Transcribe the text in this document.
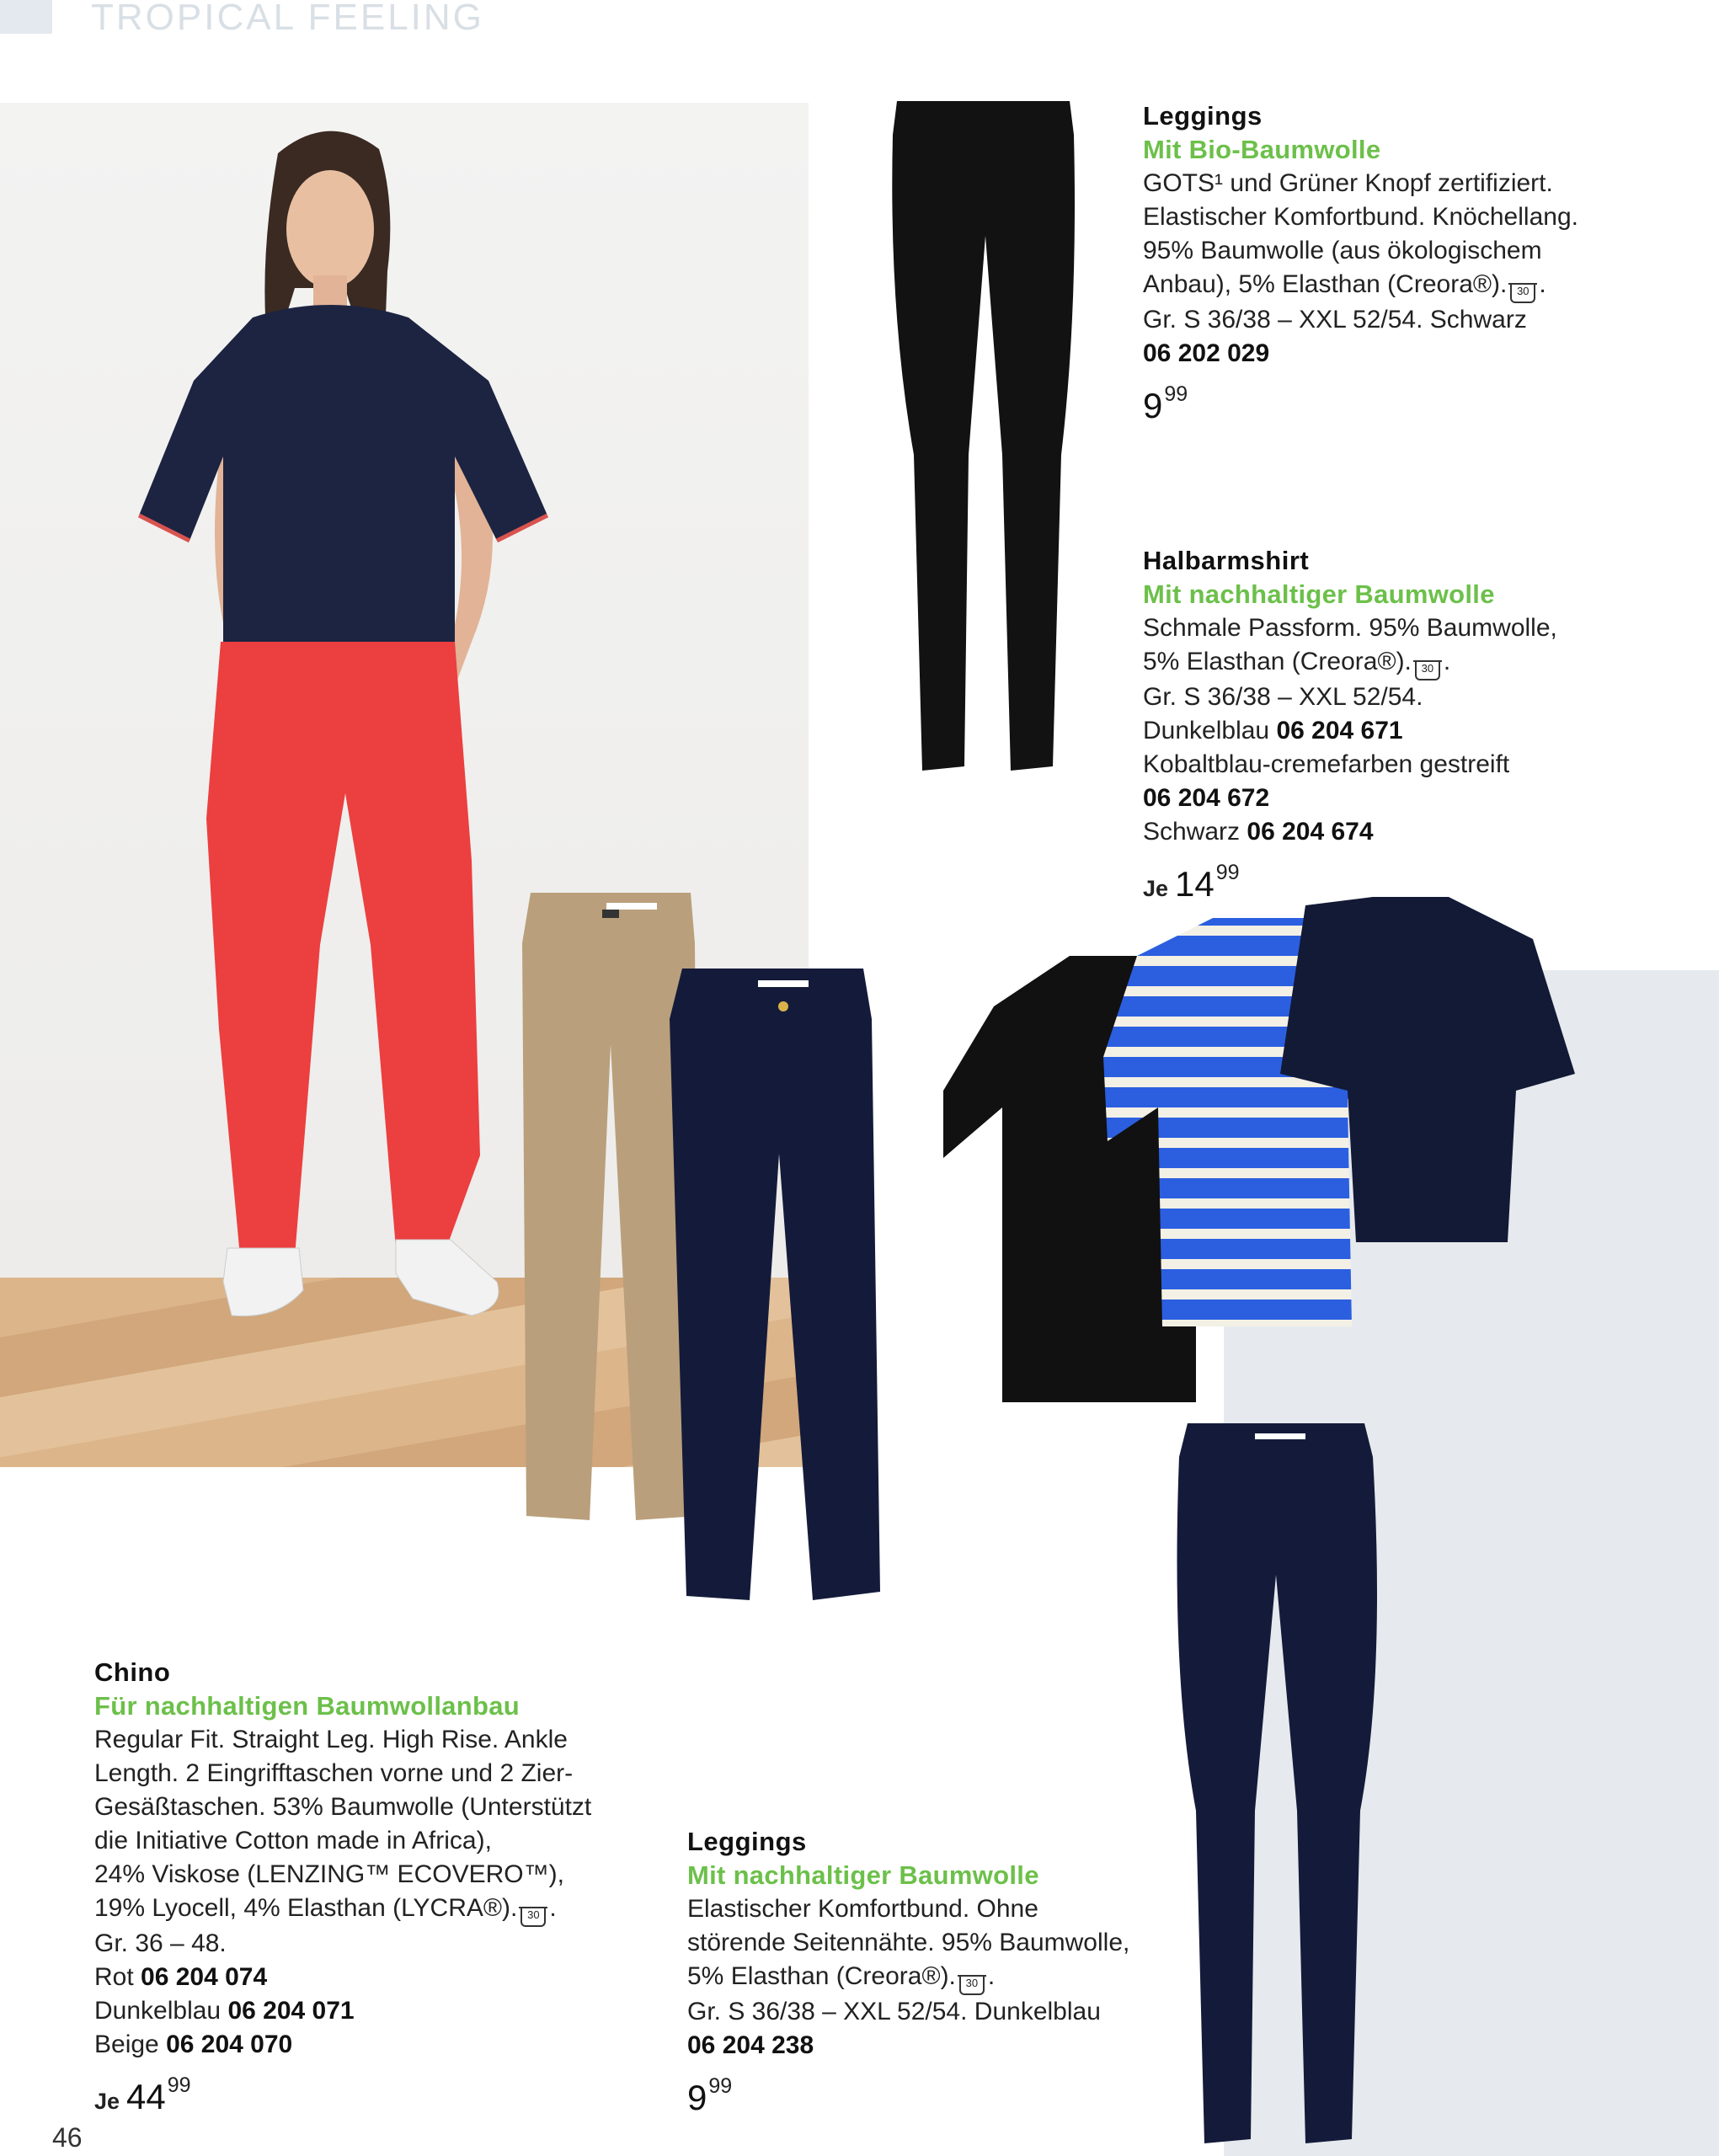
TROPICAL FEELING
Leggings
Mit Bio-Baumwolle
GOTS¹ und Grüner Knopf zertifiziert.
Elastischer Komfortbund. Knöchellang.
95% Baumwolle (aus ökologischem
Anbau), 5% Elasthan (Creora®). 30 .
Gr. S 36/38 – XXL 52/54. Schwarz
06 202 029
$9^{99}$
Halbarmshirt
Mit nachhaltiger Baumwolle
Schmale Passform. 95% Baumwolle,
5% Elasthan (Creora®). 30 .
Gr. S 36/38 – XXL 52/54.
Dunkelblau 06 204 671
Kobaltblau-cremefarben gestreift
06 204 672
Schwarz 06 204 674
Je $14^{99}$
Chino
Für nachhaltigen Baumwollanbau
Regular Fit. Straight Leg. High Rise. Ankle
Length. 2 Eingrifftaschen vorne und 2 Zier-
Gesäßtaschen. 53% Baumwolle (Unterstützt
die Initiative Cotton made in Africa),
24% Viskose (LENZING™ ECOVERO™),
19% Lyocell, 4% Elasthan (LYCRA®). 30 .
Gr. 36 – 48.
Rot 06 204 074
Dunkelblau 06 204 071
Beige 06 204 070
Je $44^{99}$
Leggings
Mit nachhaltiger Baumwolle
Elastischer Komfortbund. Ohne
störende Seitennähte. 95% Baumwolle,
5% Elasthan (Creora®). 30 .
Gr. S 36/38 – XXL 52/54. Dunkelblau
06 204 238
$9^{99}$
46
